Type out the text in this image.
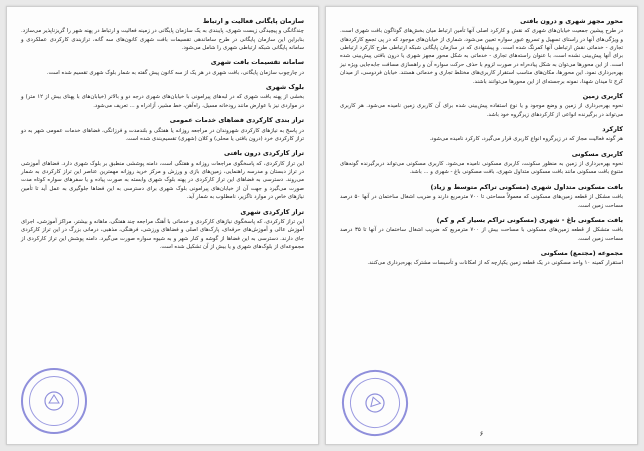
سازمان پایگانی فعالیت و ارتباط
چندگانگی و پیچیدگی زیست شهری، پایبندی به یک سازمان پایگانی در زمینه فعالیت و ارتباط در پهنه شهر را گریزناپذیر می‌سازد. بنابراین این سازمان پایگانی در طرح ساماندهی تقسیمات بافت شهری کانون‌های سه گانه، ترازبندی کارکردی عملکردی و سامانه پایگانی شبکه ارتباطی شهری را شامل می‌شود.
سامانه تقسیمات بافت شهری
در چارچوب سازمان پایگانی، بافت شهری در هر یک از سه کانون پیش گفته به شمار بلوک شهری تقسیم شده است.
بلوک شهری
بخشی از پهنه بافت شهری که در لبه‌های پیرامونی با خیابان‌های شهری درجه دو و بالاتر (خیابان‌های با پهنای بیش از ۱۲ متر) و در مواردی نیز با عوارض مانند رودخانه مسیل، راه‌آهن، خط مشیر، آزادراه و ... تعریف می‌شود.
تراز بندی کارکردی فضاهای خدمات عمومی
در پاسخ به نیازهای کارکردی شهروندان در مراجعه روزانه یا هفتگی و بلندمدت و فرزانگی، فضاهای خدمات عمومی شهر به دو تراز کارکردی خرد (درون بافتی یا محلی) و کلان (شهری) تقسیم‌بندی شده است.
تراز کارکردی درون بافتی
این تراز کارکردی، که پاسخگوی مراجعات روزانه و هفتگی است، دامنه پوششی منطبق بر بلوک شهری دارد. فضاهای آموزشی در تراز دبستان و مدرسه راهنمایی، زمین‌های بازی و ورزش و مرکز خرید روزانه مهمترین عناصر این تراز کارکردی به شمار می‌روند. دسترسی به فضاهای این تراز کارکردی در پهنه بلوک شهری وابسته به صورت پیاده و یا سفرهای سواره کوتاه مدت صورت می‌گیرد و جهت آن از خیابان‌های پیرامونی بلوک شهری برای دسترسی به این فضاها جلوگیری به عمل آید تا تأمین نیازهای خاص در موارد ناگزیر، نامطلوب به شمار آید.
تراز کارکردی شهری
این تراز کارکردی، که پاسخگوی نیازهای کارکردی و خدماتی با آهنگ مراجعه چند هفتگی، ماهانه و بیشتر، مراکز آموزشی، اجرای آموزش عالی و آموزش‌های حرفه‌ای، پارک‌های اصلی و فضاهای ورزشی، فرهنگی، مذهبی، درمانی بزرگ در این تراز کارکردی جای دارند. دسترسی به این فضاها از گوشه و کنار شهر و به شیوه سواره صورت می‌گیرد. دامنه پوشش این تراز کارکردی از مجموعه‌ای از بلوک‌های شهری و یا بیش از آن تشکیل شده است.
محور مجهز شهری و درون بافتی
در طرح پیشین جمعیت خیابان‌های شهری که نقش و کارکرد اصلی آنها تأمین ارتباط میان بخش‌های گوناگون بافت شهری است. و ویژگی‌های آنها در راستای تسهیل و تسریع عبور سواره تعیین می‌شود، شماری از خیابان‌های موجود که در پی تجمع کارکردهای تجاری - خدماتی نقش ارتباطی آنها کمرنگ شده است. و پیشنهادی که در سازمان پایگانی شبکه ارتباطی طرح کارکرد ارتباطی برای آنها پیش‌بینی نشده است، با عنوان راسته‌های تجاری - خدماتی به شکل محور مجهز شهری یا درون بافتی پیش‌بینی شده است. از این محورها می‌توان به شکل پیاده‌راه در صورت لزوم با حذف حرکت سواره آن و راهسازی مسافت جابه‌جایی ویژه نیز بهره‌برداری نمود. این محورها، مکان‌های مناسب استقرار کاربری‌های مختلط تجاری و خدماتی هستند. خیابان فردوسی، از میدان کرج تا میدان شهدا، نمونه برجسته‌ای از این محورها می‌توانند باشند.
کاربری زمین
نحوه بهره‌برداری از زمین و وضع موجود و یا نوع استفاده پیش‌بینی شده برای آن کاربری زمین نامیده می‌شود. هر کاربری می‌تواند در برگیرنده انواعی از کارکردهای زیرگروه خود باشد.
کارکرد
هر گونه فعالیت مجاز که در زیرگروه انواع کاربری قرار می‌گیرد، کارکرد نامیده می‌شود.
کاربری مسکونی
نحوه بهره‌برداری از زمین به منظور سکونت، کاربری مسکونی نامیده می‌شود. کاربری مسکونی می‌تواند دربرگیرنده گونه‌های متنوع بافت مسکونی مانند بافت مسکونی متداول شهری، بافت مسکونی باغ - شهری و ... باشد.
بافت مسکونی متداول شهری (مسکونی تراکم متوسط و زیاد)
بافت مشکل از قطعه زمین‌های مسکونی که معمولاً مساحتی تا ۷۰۰ مترمربع دارند و ضریب اشغال ساختمان در آنها ۵۰ درصد مساحت زمین است.
بافت مسکونی باغ - شهری (مسکونی تراکم بسیار کم و کم)
بافت متشکل از قطعه زمین‌های مسکونی با مساحت بیش از ۷۰۰ مترمربع که ضریب اشغال ساختمان در آنها تا ۳۵ درصد مساحت زمین است.
مجموعه (مجتمع) مسکونی
استقرار کمینه ۱۰ واحد مسکونی در یک قطعه زمین یکپارچه که از امکانات و تأسیسات مشترک بهره‌برداری می‌کنند.
۶
